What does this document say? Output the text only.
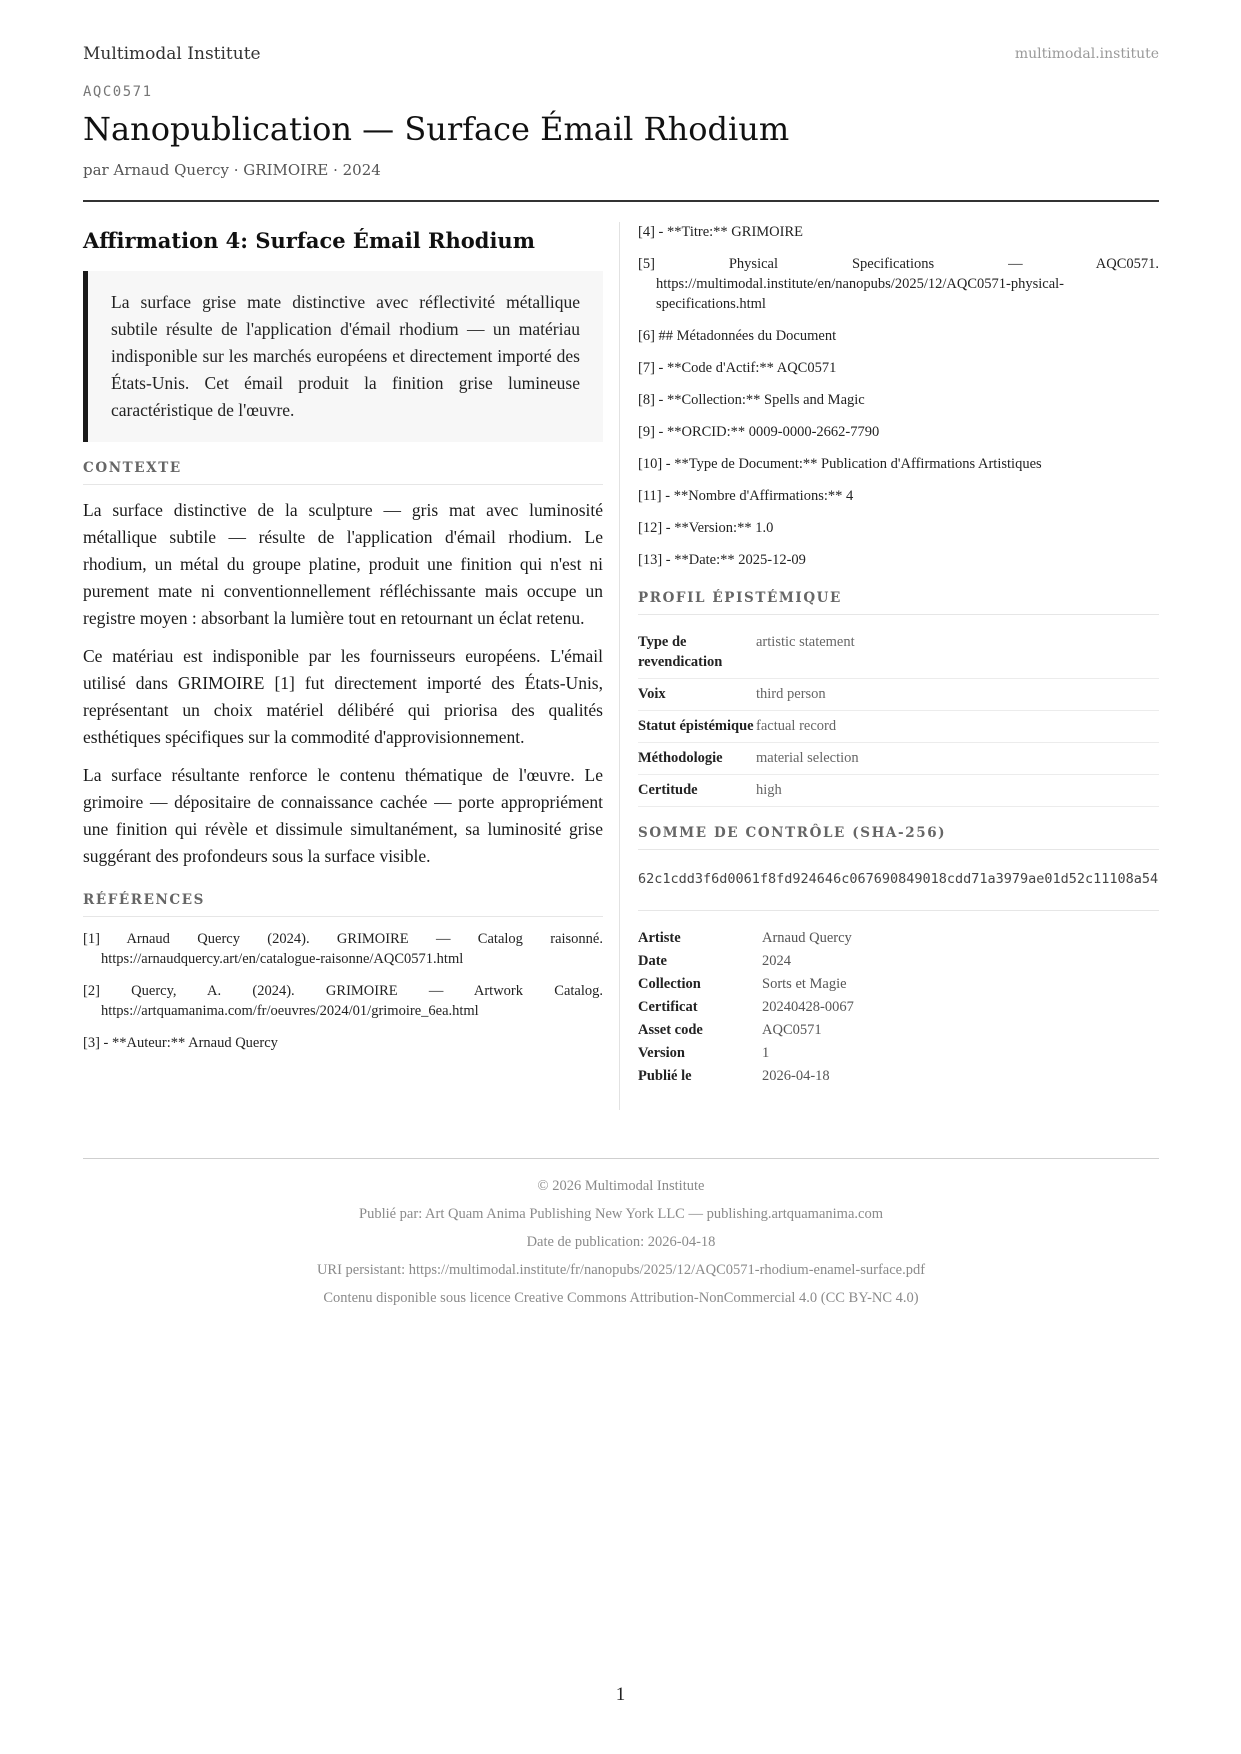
Multimodal Institute	multimodal.institute
AQC0571
Nanopublication — Surface Émail Rhodium
par Arnaud Quercy · GRIMOIRE · 2024
Affirmation 4: Surface Émail Rhodium
La surface grise mate distinctive avec réflectivité métallique subtile résulte de l'application d'émail rhodium — un matériau indisponible sur les marchés européens et directement importé des États-Unis. Cet émail produit la finition grise lumineuse caractéristique de l'œuvre.
CONTEXTE

La surface distinctive de la sculpture — gris mat avec luminosité métallique subtile — résulte de l'application d'émail rhodium. Le rhodium, un métal du groupe platine, produit une finition qui n'est ni purement mate ni conventionnellement réfléchissante mais occupe un registre moyen : absorbant la lumière tout en retournant un éclat retenu.

Ce matériau est indisponible par les fournisseurs européens. L'émail utilisé dans GRIMOIRE [1] fut directement importé des États-Unis, représentant un choix matériel délibéré qui priorisa des qualités esthétiques spécifiques sur la commodité d'approvisionnement.

La surface résultante renforce le contenu thématique de l'œuvre. Le grimoire — dépositaire de connaissance cachée — porte appropriément une finition qui révèle et dissimule simultanément, sa luminosité grise suggérant des profondeurs sous la surface visible.

RÉFÉRENCES
[1] Arnaud Quercy (2024). GRIMOIRE — Catalog raisonné. https://arnaudquercy.art/en/catalogue-raisonne/AQC0571.html
[2] Quercy, A. (2024). GRIMOIRE — Artwork Catalog. https://artquamanima.com/fr/oeuvres/2024/01/grimoire_6ea.html
[3] - **Auteur:** Arnaud Quercy
[4] - **Titre:** GRIMOIRE
[5] Physical Specifications — AQC0571. https://multimodal.institute/en/nanopubs/2025/12/AQC0571-physical-specifications.html
[6] ## Métadonnées du Document
[7] - **Code d'Actif:** AQC0571
[8] - **Collection:** Spells and Magic
[9] - **ORCID:** 0009-0000-2662-7790
[10] - **Type de Document:** Publication d'Affirmations Artistiques
[11] - **Nombre d'Affirmations:** 4
[12] - **Version:** 1.0
[13] - **Date:** 2025-12-09
PROFIL ÉPISTÉMIQUE
Type de revendication	artistic statement
Voix	third person
Statut épistémique	factual record
Méthodologie	material selection
Certitude	high
SOMME DE CONTRÔLE (SHA-256)
62c1cdd3f6d0061f8fd924646c067690849018cdd71a3979ae01d52c11108a54
Artiste	Arnaud Quercy
Date	2024
Collection	Sorts et Magie
Certificat	20240428-0067
Asset code	AQC0571
Version	1
Publié le	2026-04-18
© 2026 Multimodal Institute
Publié par: Art Quam Anima Publishing New York LLC — publishing.artquamanima.com
Date de publication: 2026-04-18
URI persistant: https://multimodal.institute/fr/nanopubs/2025/12/AQC0571-rhodium-enamel-surface.pdf
Contenu disponible sous licence Creative Commons Attribution-NonCommercial 4.0 (CC BY-NC 4.0)
1
